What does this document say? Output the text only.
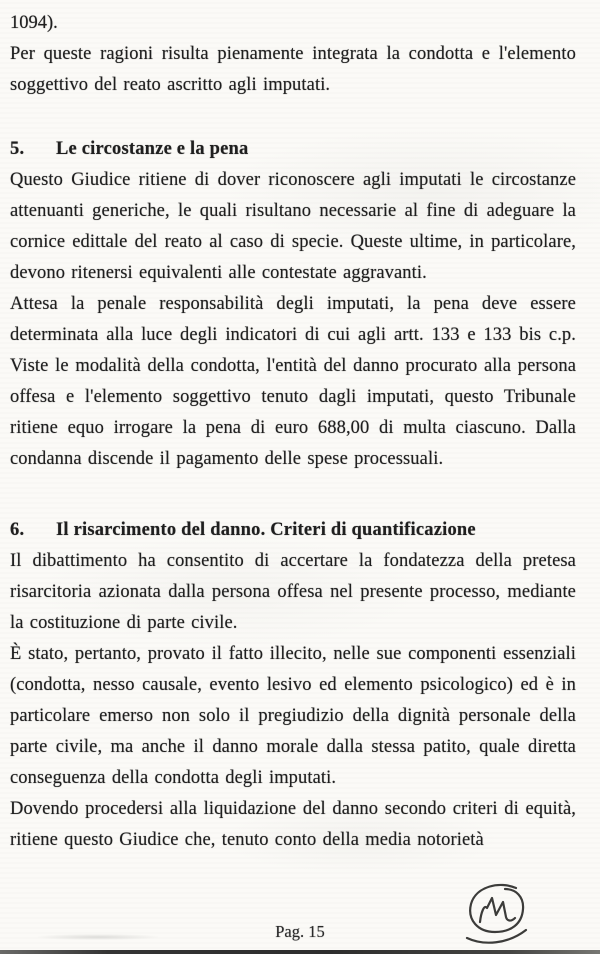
1094).

Per queste ragioni risulta pienamente integrata la condotta e l'elemento soggettivo del reato ascritto agli imputati.

5.	Le circostanze e la pena

Questo Giudice ritiene di dover riconoscere agli imputati le circostanze attenuanti generiche, le quali risultano necessarie al fine di adeguare la cornice edittale del reato al caso di specie. Queste ultime, in particolare, devono ritenersi equivalenti alle contestate aggravanti.

Attesa la penale responsabilità degli imputati, la pena deve essere determinata alla luce degli indicatori di cui agli artt. 133 e 133 bis c.p. Viste le modalità della condotta, l'entità del danno procurato alla persona offesa e l'elemento soggettivo tenuto dagli imputati, questo Tribunale ritiene equo irrogare la pena di euro 688,00 di multa ciascuno. Dalla condanna discende il pagamento delle spese processuali.

6.	Il risarcimento del danno. Criteri di quantificazione

Il dibattimento ha consentito di accertare la fondatezza della pretesa risarcitoria azionata dalla persona offesa nel presente processo, mediante la costituzione di parte civile.

È stato, pertanto, provato il fatto illecito, nelle sue componenti essenziali (condotta, nesso causale, evento lesivo ed elemento psicologico) ed è in particolare emerso non solo il pregiudizio della dignità personale della parte civile, ma anche il danno morale dalla stessa patito, quale diretta conseguenza della condotta degli imputati.

Dovendo procedersi alla liquidazione del danno secondo criteri di equità, ritiene questo Giudice che, tenuto conto della media notorietà

Pag. 15
